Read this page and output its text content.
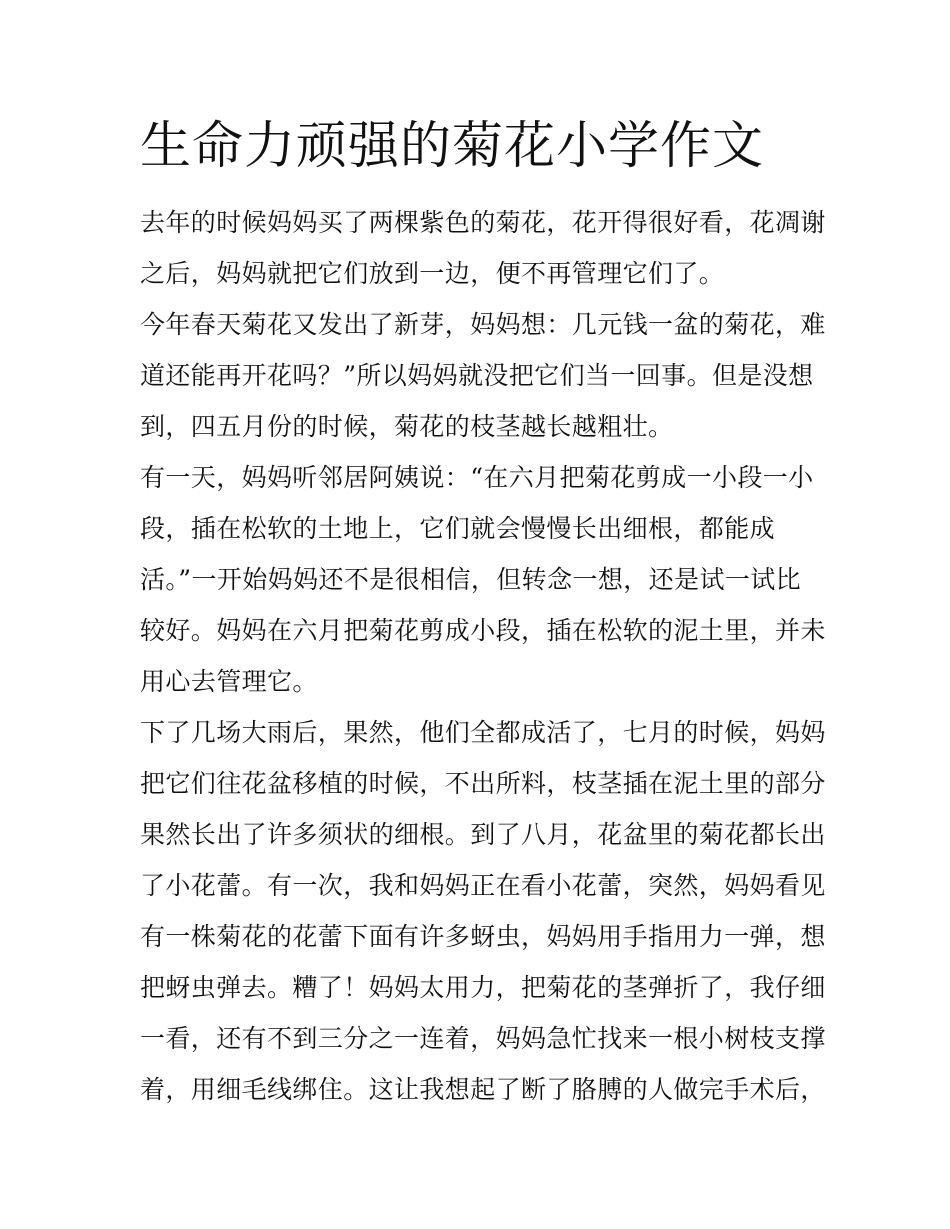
生命力顽强的菊花小学作文
去年的时候妈妈买了两棵紫色的菊花，花开得很好看，花凋谢
之后，妈妈就把它们放到一边，便不再管理它们了。
今年春天菊花又发出了新芽，妈妈想：几元钱一盆的菊花，难
道还能再开花吗？”所以妈妈就没把它们当一回事。但是没想
到，四五月份的时候，菊花的枝茎越长越粗壮。
有一天，妈妈听邻居阿姨说：“在六月把菊花剪成一小段一小
段，插在松软的土地上，它们就会慢慢长出细根，都能成
活。”一开始妈妈还不是很相信，但转念一想，还是试一试比
较好。妈妈在六月把菊花剪成小段，插在松软的泥土里，并未
用心去管理它。
下了几场大雨后，果然，他们全都成活了，七月的时候，妈妈
把它们往花盆移植的时候，不出所料，枝茎插在泥土里的部分
果然长出了许多须状的细根。到了八月，花盆里的菊花都长出
了小花蕾。有一次，我和妈妈正在看小花蕾，突然，妈妈看见
有一株菊花的花蕾下面有许多蚜虫，妈妈用手指用力一弹，想
把蚜虫弹去。糟了！妈妈太用力，把菊花的茎弹折了，我仔细
一看，还有不到三分之一连着，妈妈急忙找来一根小树枝支撑
着，用细毛线绑住。这让我想起了断了胳膊的人做完手术后，
